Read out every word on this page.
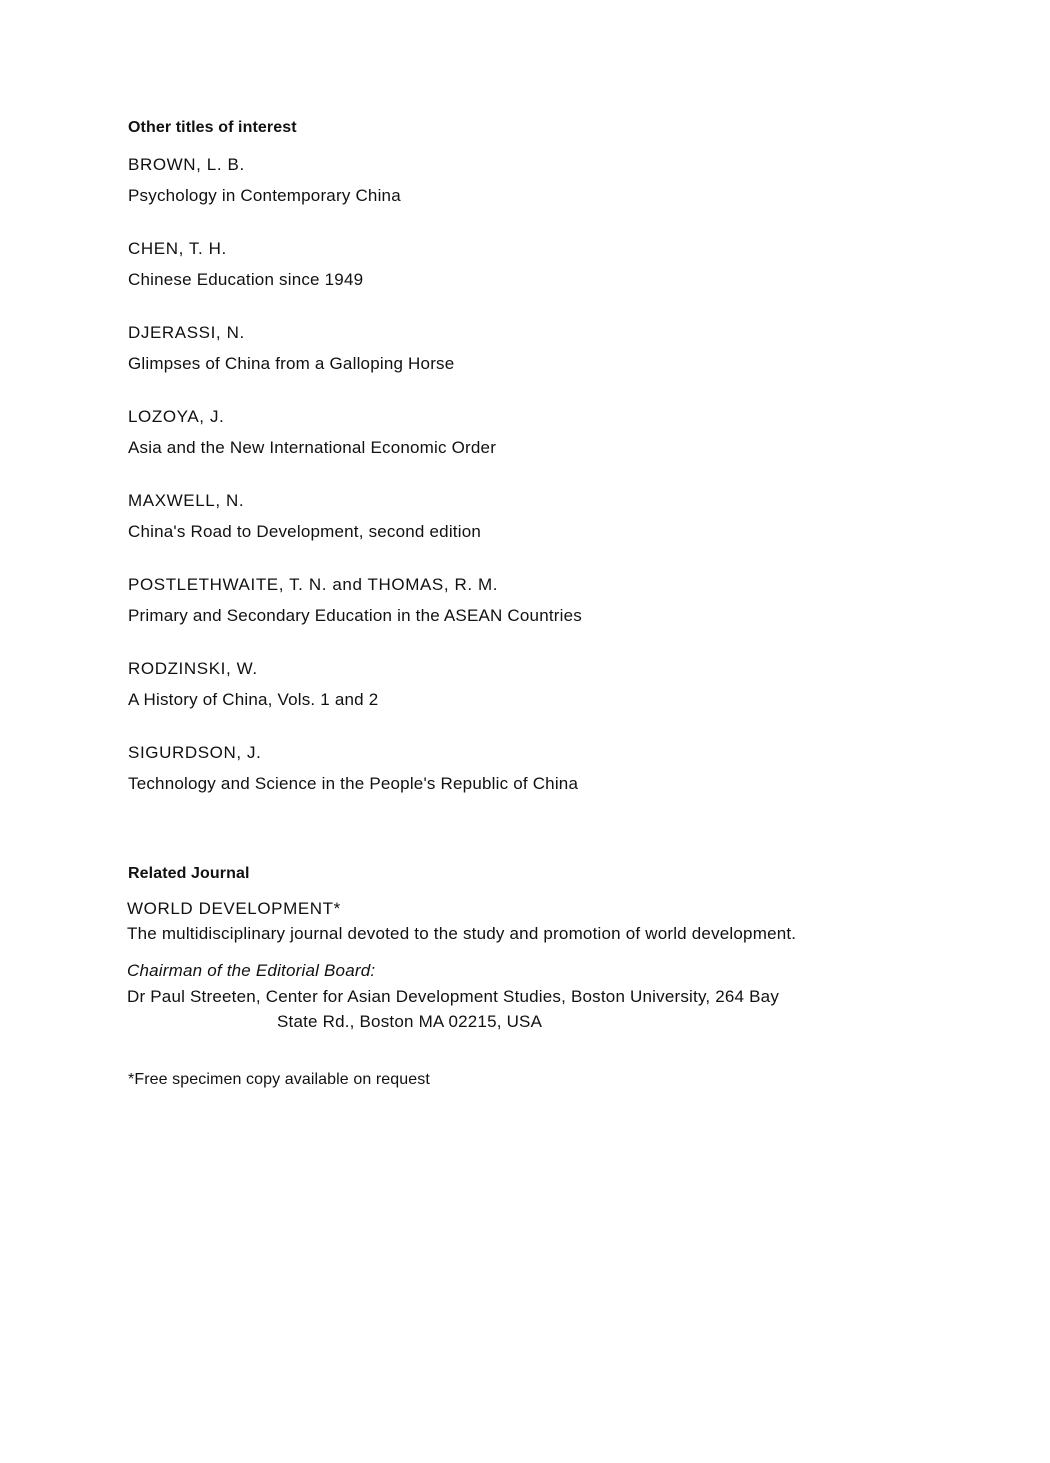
Other titles of interest
BROWN, L. B.
Psychology in Contemporary China
CHEN, T. H.
Chinese Education since 1949
DJERASSI, N.
Glimpses of China from a Galloping Horse
LOZOYA, J.
Asia and the New International Economic Order
MAXWELL, N.
China's Road to Development, second edition
POSTLETHWAITE, T. N. and THOMAS, R. M.
Primary and Secondary Education in the ASEAN Countries
RODZINSKI, W.
A History of China, Vols. 1 and 2
SIGURDSON, J.
Technology and Science in the People's Republic of China
Related Journal
WORLD DEVELOPMENT*
The multidisciplinary journal devoted to the study and promotion of world development.
Chairman of the Editorial Board:
Dr Paul Streeten, Center for Asian Development Studies, Boston University, 264 Bay
State Rd., Boston MA 02215, USA
*Free specimen copy available on request
